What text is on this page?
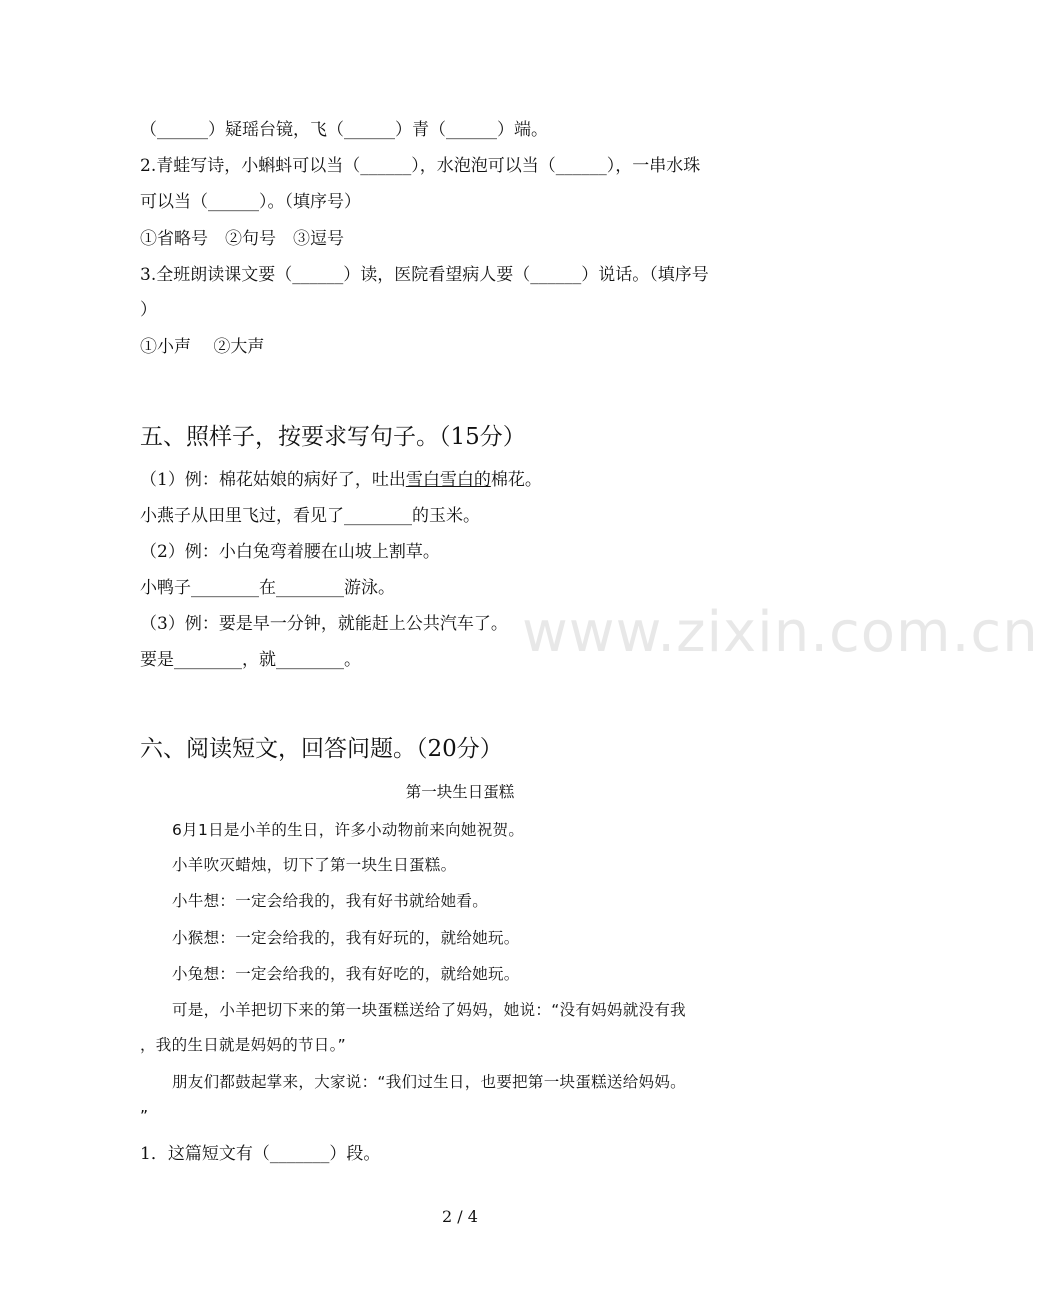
（______）疑瑶台镜，飞（______）青（______）端。
2.青蛙写诗，小蝌蚪可以当（______），水泡泡可以当（______），一串水珠
可以当（______）。（填序号）
①省略号　②句号　③逗号
3.全班朗读课文要（______）读，医院看望病人要（______）说话。（填序号
）
①小声　 ②大声
五、照样子，按要求写句子。（15分）
（1）例：棉花姑娘的病好了，吐出雪白雪白的棉花。
小燕子从田里飞过，看见了________的玉米。
（2）例：小白兔弯着腰在山坡上割草。
小鸭子________在________游泳。
（3）例：要是早一分钟，就能赶上公共汽车了。
要是________，就________。
六、阅读短文，回答问题。（20分）
第一块生日蛋糕
6月1日是小羊的生日，许多小动物前来向她祝贺。
小羊吹灭蜡烛，切下了第一块生日蛋糕。
小牛想：一定会给我的，我有好书就给她看。
小猴想：一定会给我的，我有好玩的，就给她玩。
小兔想：一定会给我的，我有好吃的，就给她玩。
可是，小羊把切下来的第一块蛋糕送给了妈妈，她说：“没有妈妈就没有我
，我的生日就是妈妈的节日。”
朋友们都鼓起掌来，大家说：“我们过生日，也要把第一块蛋糕送给妈妈。
”
1．这篇短文有（_______）段。
www.zixin.com.cn
2 / 4
